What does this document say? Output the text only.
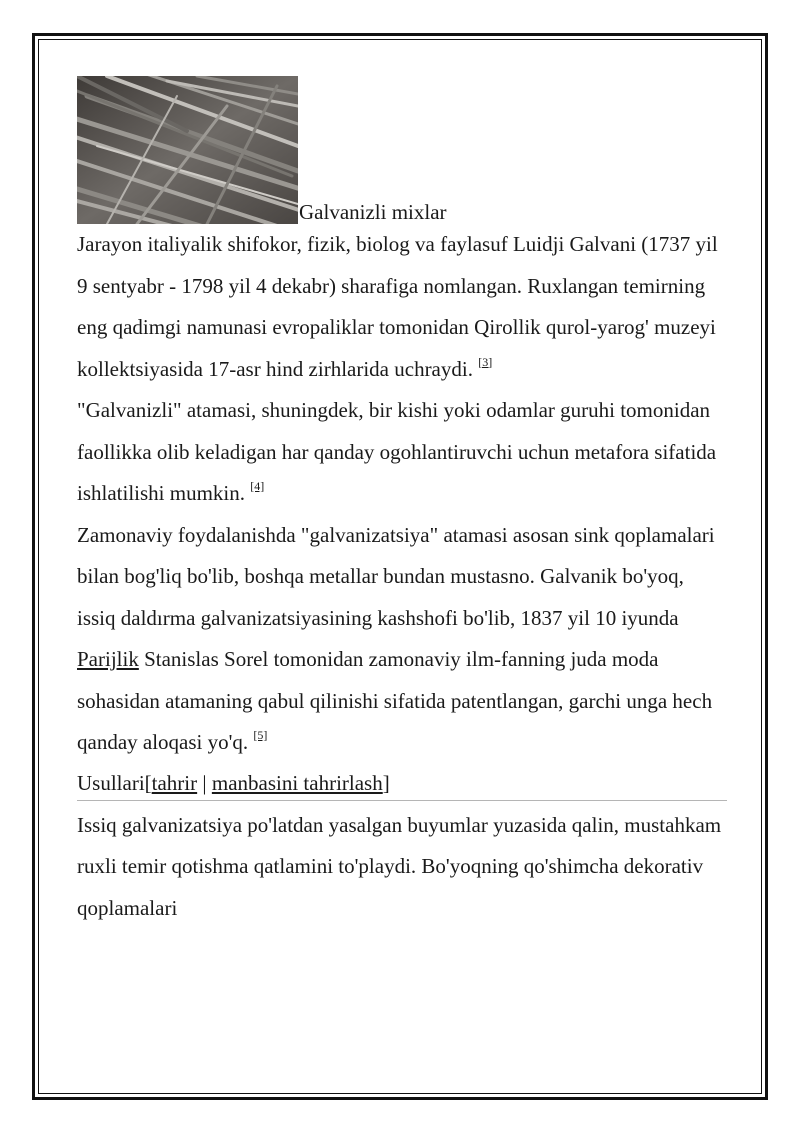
Galvanizli mixlar

Jarayon italiyalik shifokor, fizik, biolog va faylasuf Luidji Galvani (1737 yil 9 sentyabr - 1798 yil 4 dekabr) sharafiga nomlangan. Ruxlangan temirning eng qadimgi namunasi evropaliklar tomonidan Qirollik qurol-yarog' muzeyi kollektsiyasida 17-asr hind zirhlarida uchraydi. [3]

"Galvanizli" atamasi, shuningdek, bir kishi yoki odamlar guruhi tomonidan faollikka olib keladigan har qanday ogohlantiruvchi uchun metafora sifatida ishlatilishi mumkin. [4]

Zamonaviy foydalanishda "galvanizatsiya" atamasi asosan sink qoplamalari bilan bog'liq bo'lib, boshqa metallar bundan mustasno. Galvanik bo'yoq, issiq daldırma galvanizatsiyasining kashshofi bo'lib, 1837 yil 10 iyunda Parijlik Stanislas Sorel tomonidan zamonaviy ilm-fanning juda moda sohasidan atamaning qabul qilinishi sifatida patentlangan, garchi unga hech qanday aloqasi yo'q. [5]

Usullari[tahrir | manbasini tahrirlash]

Issiq galvanizatsiya po'latdan yasalgan buyumlar yuzasida qalin, mustahkam ruxli temir qotishma qatlamini to'playdi. Bo'yoqning qo'shimcha dekorativ qoplamalari
